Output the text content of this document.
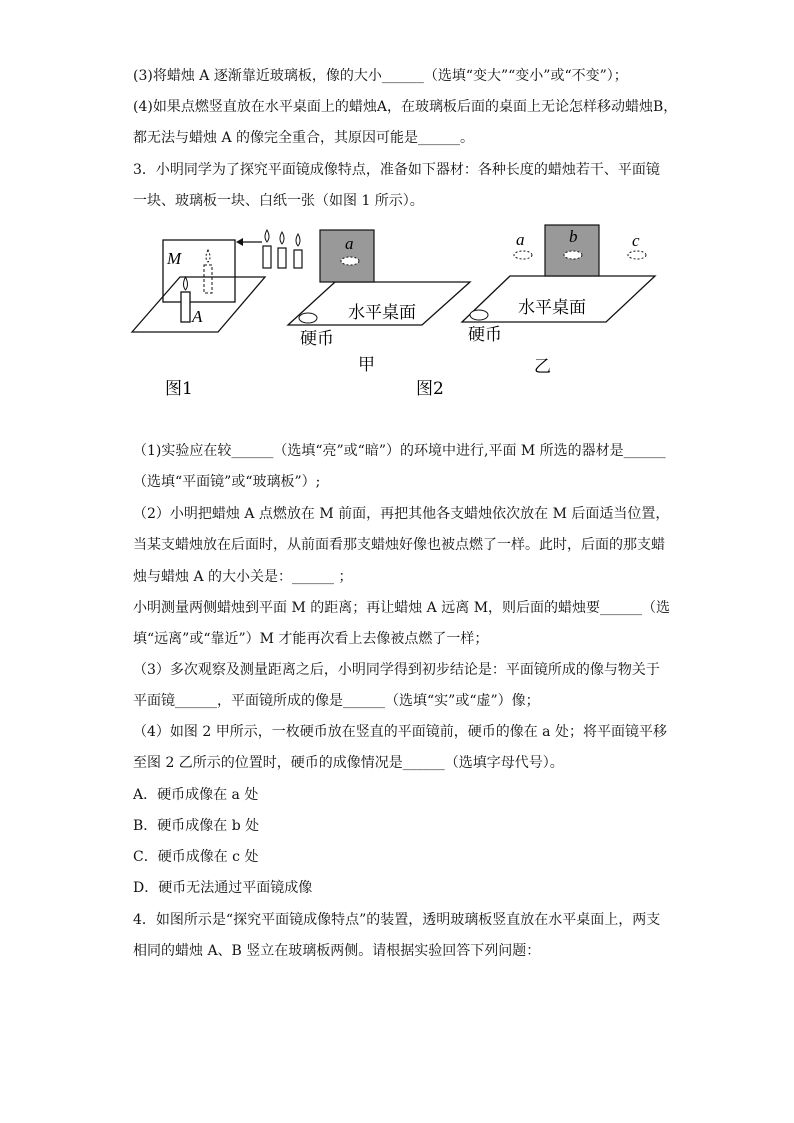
(3)将蜡烛 A 逐渐靠近玻璃板，像的大小______（选填“变大”“变小”或“不变”）；
(4)如果点燃竖直放在水平桌面上的蜡烛A，在玻璃板后面的桌面上无论怎样移动蜡烛B，
都无法与蜡烛 A 的像完全重合，其原因可能是______。
3．小明同学为了探究平面镜成像特点，准备如下器材：各种长度的蜡烛若干、平面镜
一块、玻璃板一块、白纸一张（如图 1 所示）。
M
A
图1
a
水平桌面
硬币
甲
图2
a	b	c
水平桌面
硬币
乙
（1)实验应在较______（选填“亮”或“暗”）的环境中进行,平面 M 所选的器材是______
（选填“平面镜”或“玻璃板”）;
（2）小明把蜡烛 A 点燃放在 M 前面，再把其他各支蜡烛依次放在 M 后面适当位置，
当某支蜡烛放在后面时，从前面看那支蜡烛好像也被点燃了一样。此时，后面的那支蜡
烛与蜡烛 A 的大小关是：______ ；
小明测量两侧蜡烛到平面 M 的距离；再让蜡烛 A 远离 M，则后面的蜡烛要______（选
填“远离”或“靠近”）M 才能再次看上去像被点燃了一样；
（3）多次观察及测量距离之后，小明同学得到初步结论是：平面镜所成的像与物关于
平面镜______，平面镜所成的像是______（选填“实”或“虚”）像；
（4）如图 2 甲所示，一枚硬币放在竖直的平面镜前，硬币的像在 a 处；将平面镜平移
至图 2 乙所示的位置时，硬币的成像情况是______（选填字母代号）。
A．硬币成像在 a 处
B．硬币成像在 b 处
C．硬币成像在 c 处
D．硬币无法通过平面镜成像
4．如图所示是“探究平面镜成像特点”的装置，透明玻璃板竖直放在水平桌面上，两支
相同的蜡烛 A、B 竖立在玻璃板两侧。请根据实验回答下列问题：
